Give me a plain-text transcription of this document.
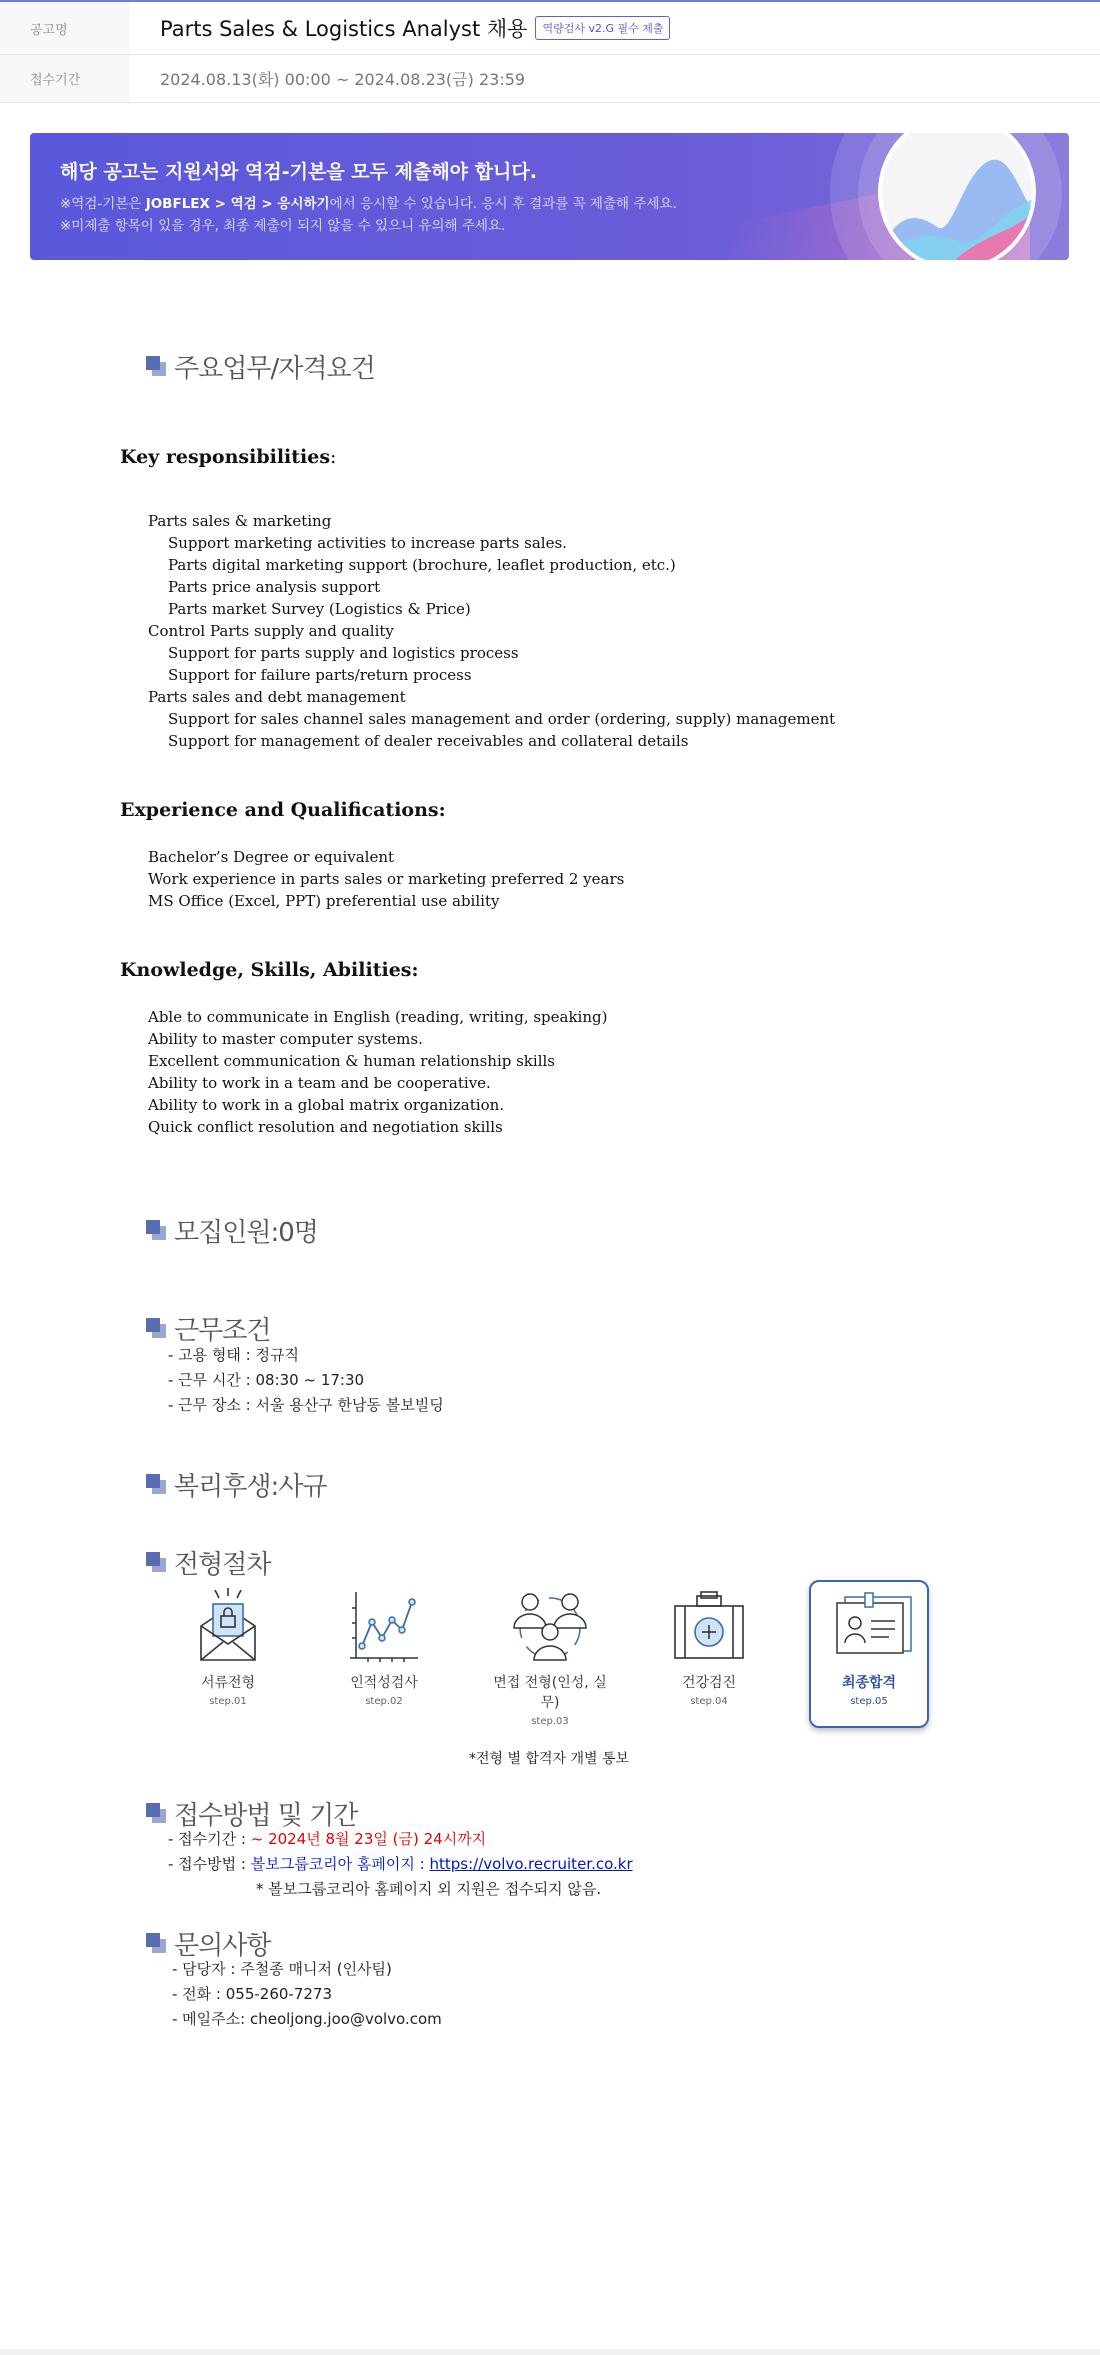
공고명	Parts Sales & Logistics Analyst 채용	역량검사 v2.G 필수 제출
접수기간	2024.08.13(화) 00:00 ~ 2024.08.23(금) 23:59
해당 공고는 지원서와 역검-기본을 모두 제출해야 합니다.
※역검-기본은 JOBFLEX > 역검 > 응시하기에서 응시할 수 있습니다. 응시 후 결과를 꼭 제출해 주세요.
※미제출 항목이 있을 경우, 최종 제출이 되지 않을 수 있으니 유의해 주세요.
주요업무/자격요건
Key responsibilities:
Parts sales & marketing
Support marketing activities to increase parts sales.
Parts digital marketing support (brochure, leaflet production, etc.)
Parts price analysis support
Parts market Survey (Logistics & Price)
Control Parts supply and quality
Support for parts supply and logistics process
Support for failure parts/return process
Parts sales and debt management
Support for sales channel sales management and order (ordering, supply) management
Support for management of dealer receivables and collateral details
Experience and Qualifications:
Bachelor’s Degree or equivalent
Work experience in parts sales or marketing preferred 2 years
MS Office (Excel, PPT) preferential use ability
Knowledge, Skills, Abilities:
Able to communicate in English (reading, writing, speaking)
Ability to master computer systems.
Excellent communication & human relationship skills
Ability to work in a team and be cooperative.
Ability to work in a global matrix organization.
Quick conflict resolution and negotiation skills
모집인원:0명
근무조건
- 고용 형태 : 정규직
- 근무 시간 : 08:30 ~ 17:30
- 근무 장소 : 서울 용산구 한남동 볼보빌딩
복리후생:사규
전형절차
서류전형
step.01
인적성검사
step.02
면접 전형(인성, 실무)
step.03
건강검진
step.04
최종합격
step.05
*전형 별 합격자 개별 통보
접수방법 및 기간
- 접수기간 : ~ 2024년 8월 23일 (금) 24시까지
- 접수방법 : 볼보그룹코리아 홈페이지 : https://volvo.recruiter.co.kr
* 볼보그룹코리아 홈페이지 외 지원은 접수되지 않음.
문의사항
- 담당자 : 주철종 매니저 (인사팀)
- 전화 : 055-260-7273
- 메일주소: cheoljong.joo@volvo.com
